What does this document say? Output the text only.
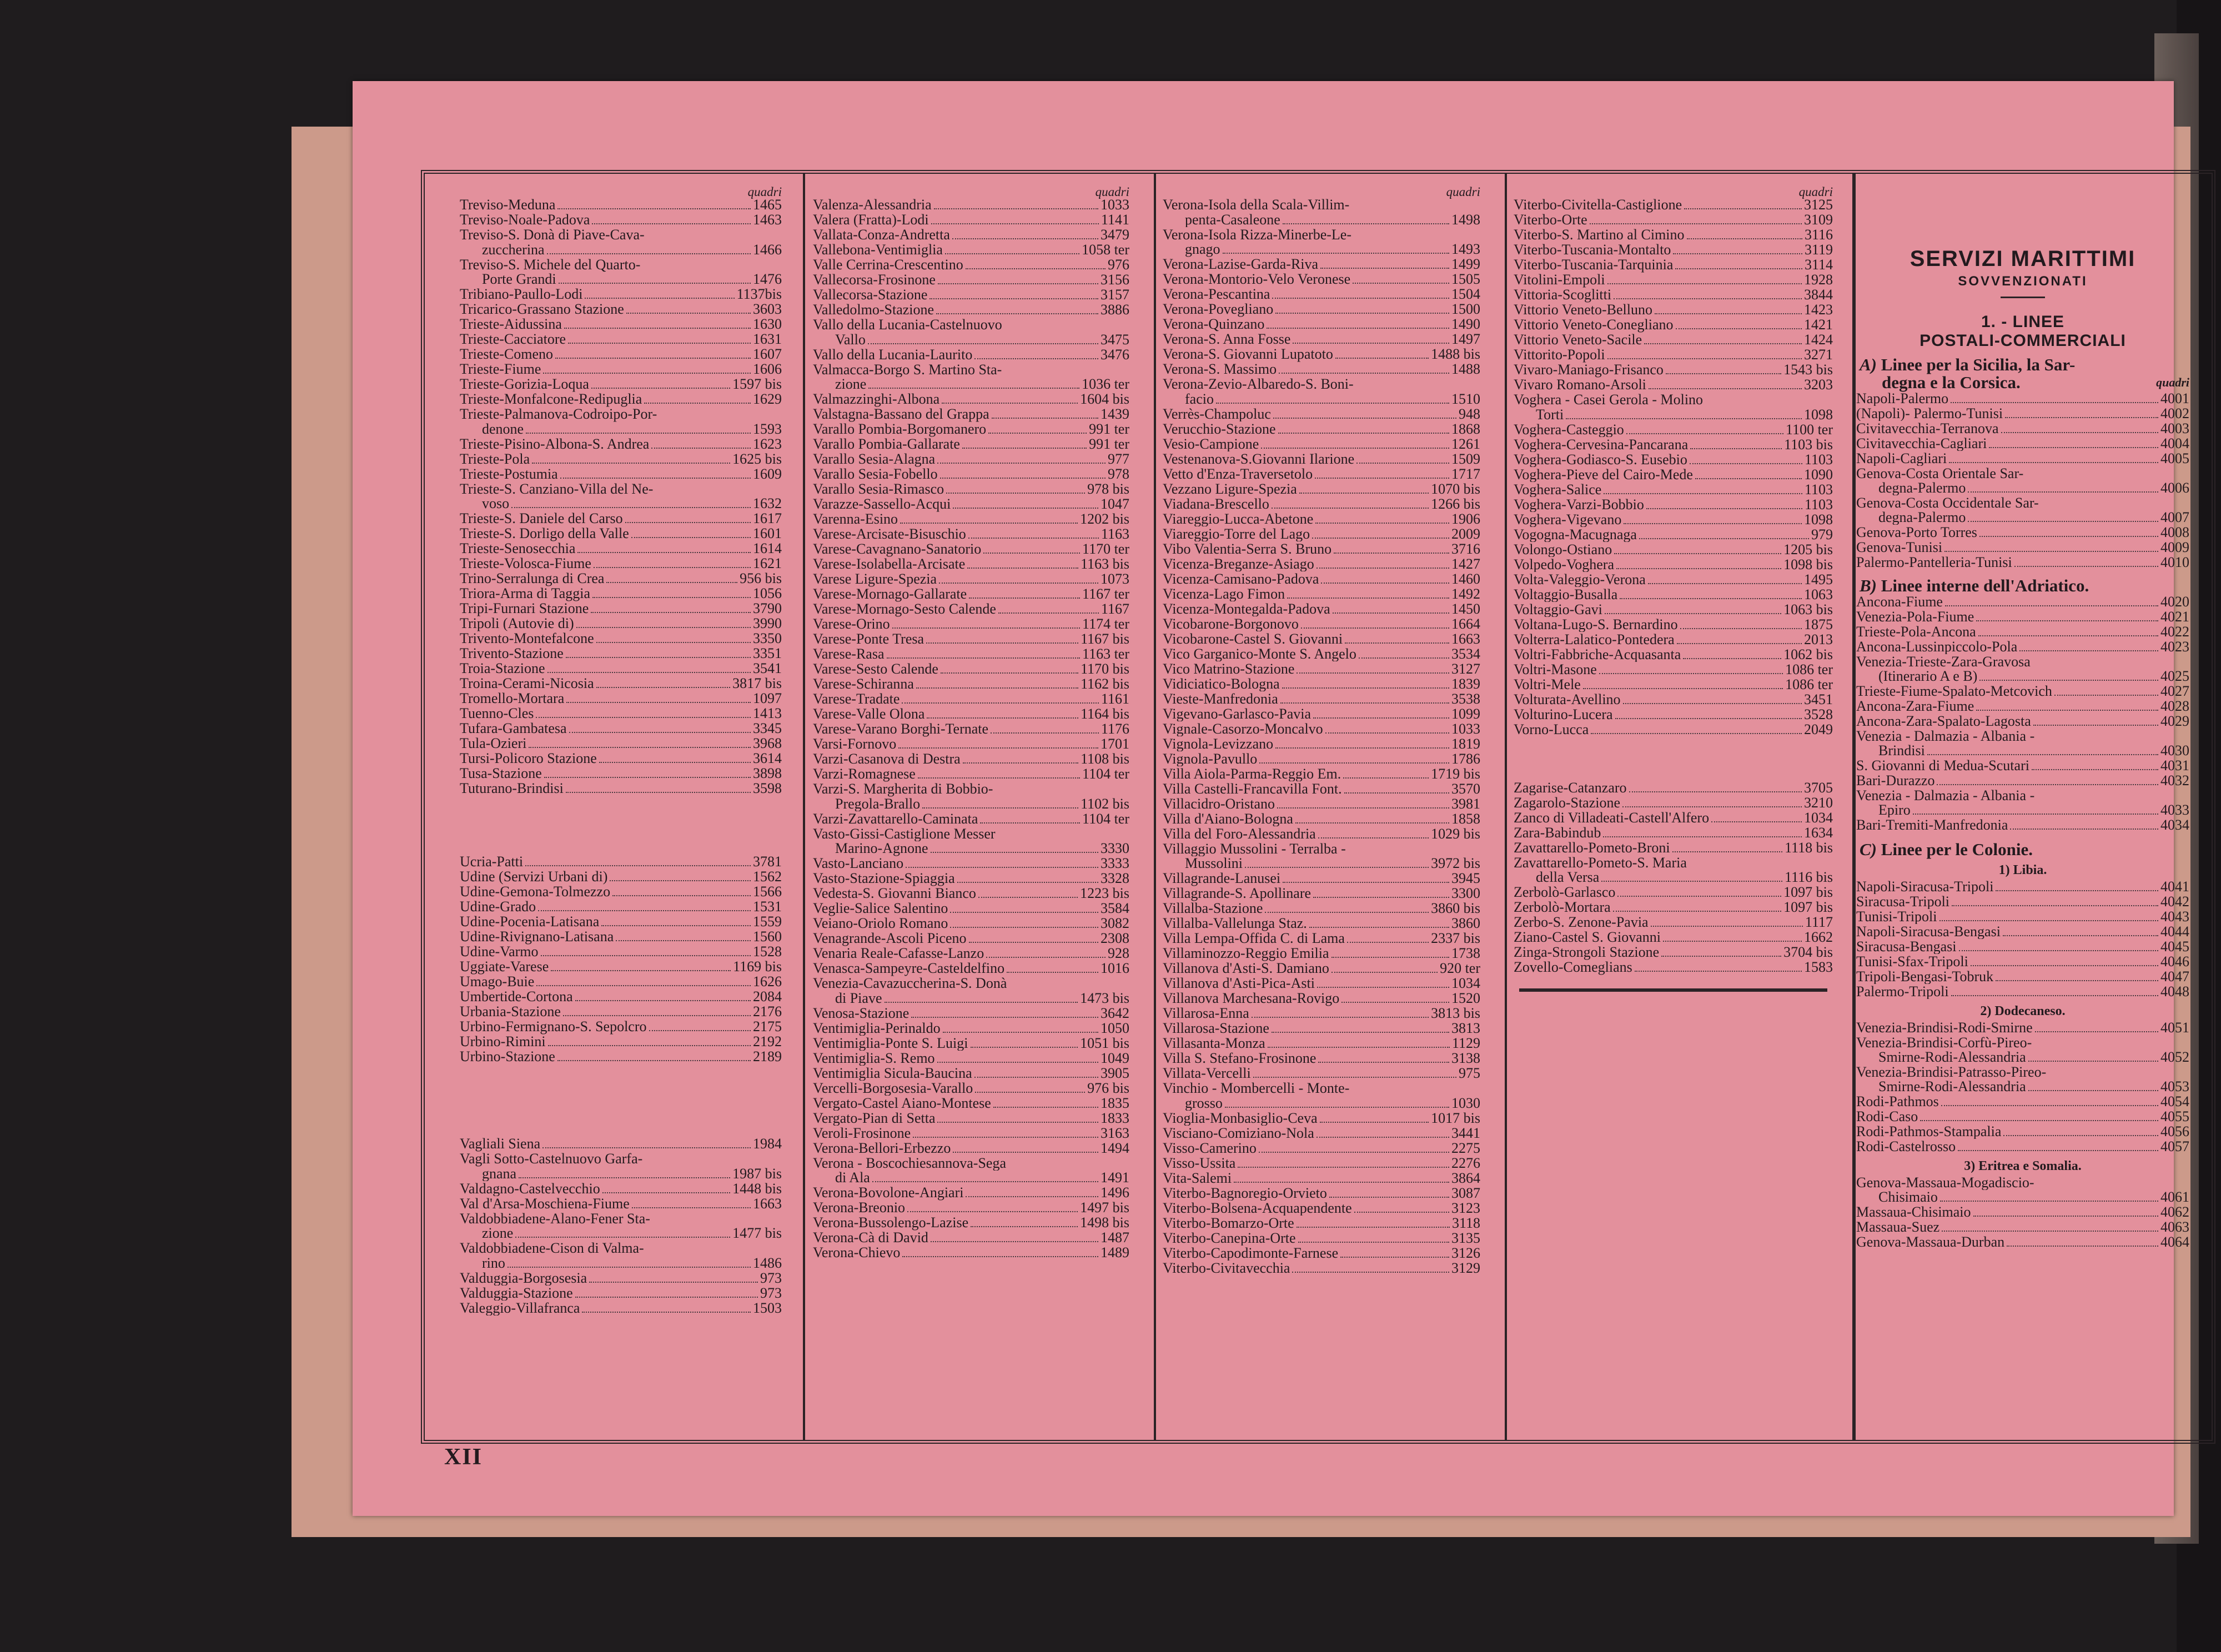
quadri
Treviso-Meduna	1465
Treviso-Noale-Padova	1463
Treviso-S. Donà di Piave-Cava-
zuccherina	1466
Treviso-S. Michele del Quarto-
Porte Grandi	1476
Tribiano-Paullo-Lodi	1137bis
Tricarico-Grassano Stazione	3603
Trieste-Aidussina	1630
Trieste-Cacciatore	1631
Trieste-Comeno	1607
Trieste-Fiume	1606
Trieste-Gorizia-Loqua	1597 bis
Trieste-Monfalcone-Redipuglia	1629
Trieste-Palmanova-Codroipo-Por-
denone	1593
Trieste-Pisino-Albona-S. Andrea	1623
Trieste-Pola	1625 bis
Trieste-Postumia	1609
Trieste-S. Canziano-Villa del Ne-
voso	1632
Trieste-S. Daniele del Carso	1617
Trieste-S. Dorligo della Valle	1601
Trieste-Senosecchia	1614
Trieste-Volosca-Fiume	1621
Trino-Serralunga di Crea	956 bis
Triora-Arma di Taggia	1056
Tripi-Furnari Stazione	3790
Tripoli (Autovie di)	3990
Trivento-Montefalcone	3350
Trivento-Stazione	3351
Troia-Stazione	3541
Troina-Cerami-Nicosia	3817 bis
Tromello-Mortara	1097
Tuenno-Cles	1413
Tufara-Gambatesa	3345
Tula-Ozieri	3968
Tursi-Policoro Stazione	3614
Tusa-Stazione	3898
Tuturano-Brindisi	3598
Ucria-Patti	3781
Udine (Servizi Urbani di)	1562
Udine-Gemona-Tolmezzo	1566
Udine-Grado	1531
Udine-Pocenia-Latisana	1559
Udine-Rivignano-Latisana	1560
Udine-Varmo	1528
Uggiate-Varese	1169 bis
Umago-Buie	1626
Umbertide-Cortona	2084
Urbania-Stazione	2176
Urbino-Fermignano-S. Sepolcro	2175
Urbino-Rimini	2192
Urbino-Stazione	2189
Vagliali Siena	1984
Vagli Sotto-Castelnuovo Garfa-
gnana	1987 bis
Valdagno-Castelvecchio	1448 bis
Val d'Arsa-Moschiena-Fiume	1663
Valdobbiadene-Alano-Fener Sta-
zione	1477 bis
Valdobbiadene-Cison di Valma-
rino	1486
Valduggia-Borgosesia	973
Valduggia-Stazione	973
Valeggio-Villafranca	1503
quadri
Valenza-Alessandria	1033
Valera (Fratta)-Lodi	1141
Vallata-Conza-Andretta	3479
Vallebona-Ventimiglia	1058 ter
Valle Cerrina-Crescentino	976
Vallecorsa-Frosinone	3156
Vallecorsa-Stazione	3157
Valledolmo-Stazione	3886
Vallo della Lucania-Castelnuovo
Vallo	3475
Vallo della Lucania-Laurito	3476
Valmacca-Borgo S. Martino Sta-
zione	1036 ter
Valmazzinghi-Albona	1604 bis
Valstagna-Bassano del Grappa	1439
Varallo Pombia-Borgomanero	991 ter
Varallo Pombia-Gallarate	991 ter
Varallo Sesia-Alagna	977
Varallo Sesia-Fobello	978
Varallo Sesia-Rimasco	978 bis
Varazze-Sassello-Acqui	1047
Varenna-Esino	1202 bis
Varese-Arcisate-Bisuschio	1163
Varese-Cavagnano-Sanatorio	1170 ter
Varese-Isolabella-Arcisate	1163 bis
Varese Ligure-Spezia	1073
Varese-Mornago-Gallarate	1167 ter
Varese-Mornago-Sesto Calende	1167
Varese-Orino	1174 ter
Varese-Ponte Tresa	1167 bis
Varese-Rasa	1163 ter
Varese-Sesto Calende	1170 bis
Varese-Schiranna	1162 bis
Varese-Tradate	1161
Varese-Valle Olona	1164 bis
Varese-Varano Borghi-Ternate	1176
Varsi-Fornovo	1701
Varzi-Casanova di Destra	1108 bis
Varzi-Romagnese	1104 ter
Varzi-S. Margherita di Bobbio-
Pregola-Brallo	1102 bis
Varzi-Zavattarello-Caminata	1104 ter
Vasto-Gissi-Castiglione Messer
Marino-Agnone	3330
Vasto-Lanciano	3333
Vasto-Stazione-Spiaggia	3328
Vedesta-S. Giovanni Bianco	1223 bis
Veglie-Salice Salentino	3584
Veiano-Oriolo Romano	3082
Venagrande-Ascoli Piceno	2308
Venaria Reale-Cafasse-Lanzo	928
Venasca-Sampeyre-Casteldelfino	1016
Venezia-Cavazuccherina-S. Donà
di Piave	1473 bis
Venosa-Stazione	3642
Ventimiglia-Perinaldo	1050
Ventimiglia-Ponte S. Luigi	1051 bis
Ventimiglia-S. Remo	1049
Ventimiglia Sicula-Baucina	3905
Vercelli-Borgosesia-Varallo	976 bis
Vergato-Castel Aiano-Montese	1835
Vergato-Pian di Setta	1833
Veroli-Frosinone	3163
Verona-Bellori-Erbezzo	1494
Verona - Boscochiesannova-Sega
di Ala	1491
Verona-Bovolone-Angiari	1496
Verona-Breonio	1497 bis
Verona-Bussolengo-Lazise	1498 bis
Verona-Cà di David	1487
Verona-Chievo	1489
quadri
Verona-Isola della Scala-Villim-
penta-Casaleone	1498
Verona-Isola Rizza-Minerbe-Le-
gnago	1493
Verona-Lazise-Garda-Riva	1499
Verona-Montorio-Velo Veronese	1505
Verona-Pescantina	1504
Verona-Povegliano	1500
Verona-Quinzano	1490
Verona-S. Anna Fosse	1497
Verona-S. Giovanni Lupatoto	1488 bis
Verona-S. Massimo	1488
Verona-Zevio-Albaredo-S. Boni-
facio	1510
Verrès-Champoluc	948
Verucchio-Stazione	1868
Vesio-Campione	1261
Vestenanova-S.Giovanni Ilarione	1509
Vetto d'Enza-Traversetolo	1717
Vezzano Ligure-Spezia	1070 bis
Viadana-Brescello	1266 bis
Viareggio-Lucca-Abetone	1906
Viareggio-Torre del Lago	2009
Vibo Valentia-Serra S. Bruno	3716
Vicenza-Breganze-Asiago	1427
Vicenza-Camisano-Padova	1460
Vicenza-Lago Fimon	1492
Vicenza-Montegalda-Padova	1450
Vicobarone-Borgonovo	1664
Vicobarone-Castel S. Giovanni	1663
Vico Garganico-Monte S. Angelo	3534
Vico Matrino-Stazione	3127
Vidiciatico-Bologna	1839
Vieste-Manfredonia	3538
Vigevano-Garlasco-Pavia	1099
Vignale-Casorzo-Moncalvo	1033
Vignola-Levizzano	1819
Vignola-Pavullo	1786
Villa Aiola-Parma-Reggio Em.	1719 bis
Villa Castelli-Francavilla Font.	3570
Villacidro-Oristano	3981
Villa d'Aiano-Bologna	1858
Villa del Foro-Alessandria	1029 bis
Villaggio Mussolini - Terralba -
Mussolini	3972 bis
Villagrande-Lanusei	3945
Villagrande-S. Apollinare	3300
Villalba-Stazione	3860 bis
Villalba-Vallelunga Staz.	3860
Villa Lempa-Offida C. di Lama	2337 bis
Villaminozzo-Reggio Emilia	1738
Villanova d'Asti-S. Damiano	920 ter
Villanova d'Asti-Pica-Asti	1034
Villanova Marchesana-Rovigo	1520
Villarosa-Enna	3813 bis
Villarosa-Stazione	3813
Villasanta-Monza	1129
Villa S. Stefano-Frosinone	3138
Villata-Vercelli	975
Vinchio - Mombercelli - Monte-
grosso	1030
Vioglia-Monbasiglio-Ceva	1017 bis
Visciano-Comiziano-Nola	3441
Visso-Camerino	2275
Visso-Ussita	2276
Vita-Salemi	3864
Viterbo-Bagnoregio-Orvieto	3087
Viterbo-Bolsena-Acquapendente	3123
Viterbo-Bomarzo-Orte	3118
Viterbo-Canepina-Orte	3135
Viterbo-Capodimonte-Farnese	3126
Viterbo-Civitavecchia	3129
quadri
Viterbo-Civitella-Castiglione	3125
Viterbo-Orte	3109
Viterbo-S. Martino al Cimino	3116
Viterbo-Tuscania-Montalto	3119
Viterbo-Tuscania-Tarquinia	3114
Vitolini-Empoli	1928
Vittoria-Scoglitti	3844
Vittorio Veneto-Belluno	1423
Vittorio Veneto-Conegliano	1421
Vittorio Veneto-Sacile	1424
Vittorito-Popoli	3271
Vivaro-Maniago-Frisanco	1543 bis
Vivaro Romano-Arsoli	3203
Voghera - Casei Gerola - Molino
Torti	1098
Voghera-Casteggio	1100 ter
Voghera-Cervesina-Pancarana	1103 bis
Voghera-Godiasco-S. Eusebio	1103
Voghera-Pieve del Cairo-Mede	1090
Voghera-Salice	1103
Voghera-Varzi-Bobbio	1103
Voghera-Vigevano	1098
Vogogna-Macugnaga	979
Volongo-Ostiano	1205 bis
Volpedo-Voghera	1098 bis
Volta-Valeggio-Verona	1495
Voltaggio-Busalla	1063
Voltaggio-Gavi	1063 bis
Voltana-Lugo-S. Bernardino	1875
Volterra-Lalatico-Pontedera	2013
Voltri-Fabbriche-Acquasanta	1062 bis
Voltri-Masone	1086 ter
Voltri-Mele	1086 ter
Volturata-Avellino	3451
Volturino-Lucera	3528
Vorno-Lucca	2049
Zagarise-Catanzaro	3705
Zagarolo-Stazione	3210
Zanco di Villadeati-Castell'Alfero	1034
Zara-Babindub	1634
Zavattarello-Pometo-Broni	1118 bis
Zavattarello-Pometo-S. Maria
della Versa	1116 bis
Zerbolò-Garlasco	1097 bis
Zerbolò-Mortara	1097 bis
Zerbo-S. Zenone-Pavia	1117
Ziano-Castel S. Giovanni	1662
Zinga-Strongoli Stazione	3704 bis
Zovello-Comeglians	1583
SERVIZI MARITTIMI
SOVVENZIONATI
1. - LINEE
POSTALI-COMMERCIALI
A) Linee per la Sicilia, la Sar-
degna e la Corsica.	quadri
Napoli-Palermo	4001
(Napoli)- Palermo-Tunisi	4002
Civitavecchia-Terranova	4003
Civitavecchia-Cagliari	4004
Napoli-Cagliari	4005
Genova-Costa Orientale Sar-
degna-Palermo	4006
Genova-Costa Occidentale Sar-
degna-Palermo	4007
Genova-Porto Torres	4008
Genova-Tunisi	4009
Palermo-Pantelleria-Tunisi	4010
B) Linee interne dell'Adriatico.
Ancona-Fiume	4020
Venezia-Pola-Fiume	4021
Trieste-Pola-Ancona	4022
Ancona-Lussinpiccolo-Pola	4023
Venezia-Trieste-Zara-Gravosa
(Itinerario A e B)	4025
Trieste-Fiume-Spalato-Metcovich	4027
Ancona-Zara-Fiume	4028
Ancona-Zara-Spalato-Lagosta	4029
Venezia - Dalmazia - Albania -
Brindisi	4030
S. Giovanni di Medua-Scutari	4031
Bari-Durazzo	4032
Venezia - Dalmazia - Albania -
Epiro	4033
Bari-Tremiti-Manfredonia	4034
C) Linee per le Colonie.
1) Libia.
Napoli-Siracusa-Tripoli	4041
Siracusa-Tripoli	4042
Tunisi-Tripoli	4043
Napoli-Siracusa-Bengasi	4044
Siracusa-Bengasi	4045
Tunisi-Sfax-Tripoli	4046
Tripoli-Bengasi-Tobruk	4047
Palermo-Tripoli	4048
2) Dodecaneso.
Venezia-Brindisi-Rodi-Smirne	4051
Venezia-Brindisi-Corfù-Pireo-
Smirne-Rodi-Alessandria	4052
Venezia-Brindisi-Patrasso-Pireo-
Smirne-Rodi-Alessandria	4053
Rodi-Pathmos	4054
Rodi-Caso	4055
Rodi-Pathmos-Stampalia	4056
Rodi-Castelrosso	4057
3) Eritrea e Somalia.
Genova-Massaua-Mogadiscio-
Chisimaio	4061
Massaua-Chisimaio	4062
Massaua-Suez	4063
Genova-Massaua-Durban	4064
XII
